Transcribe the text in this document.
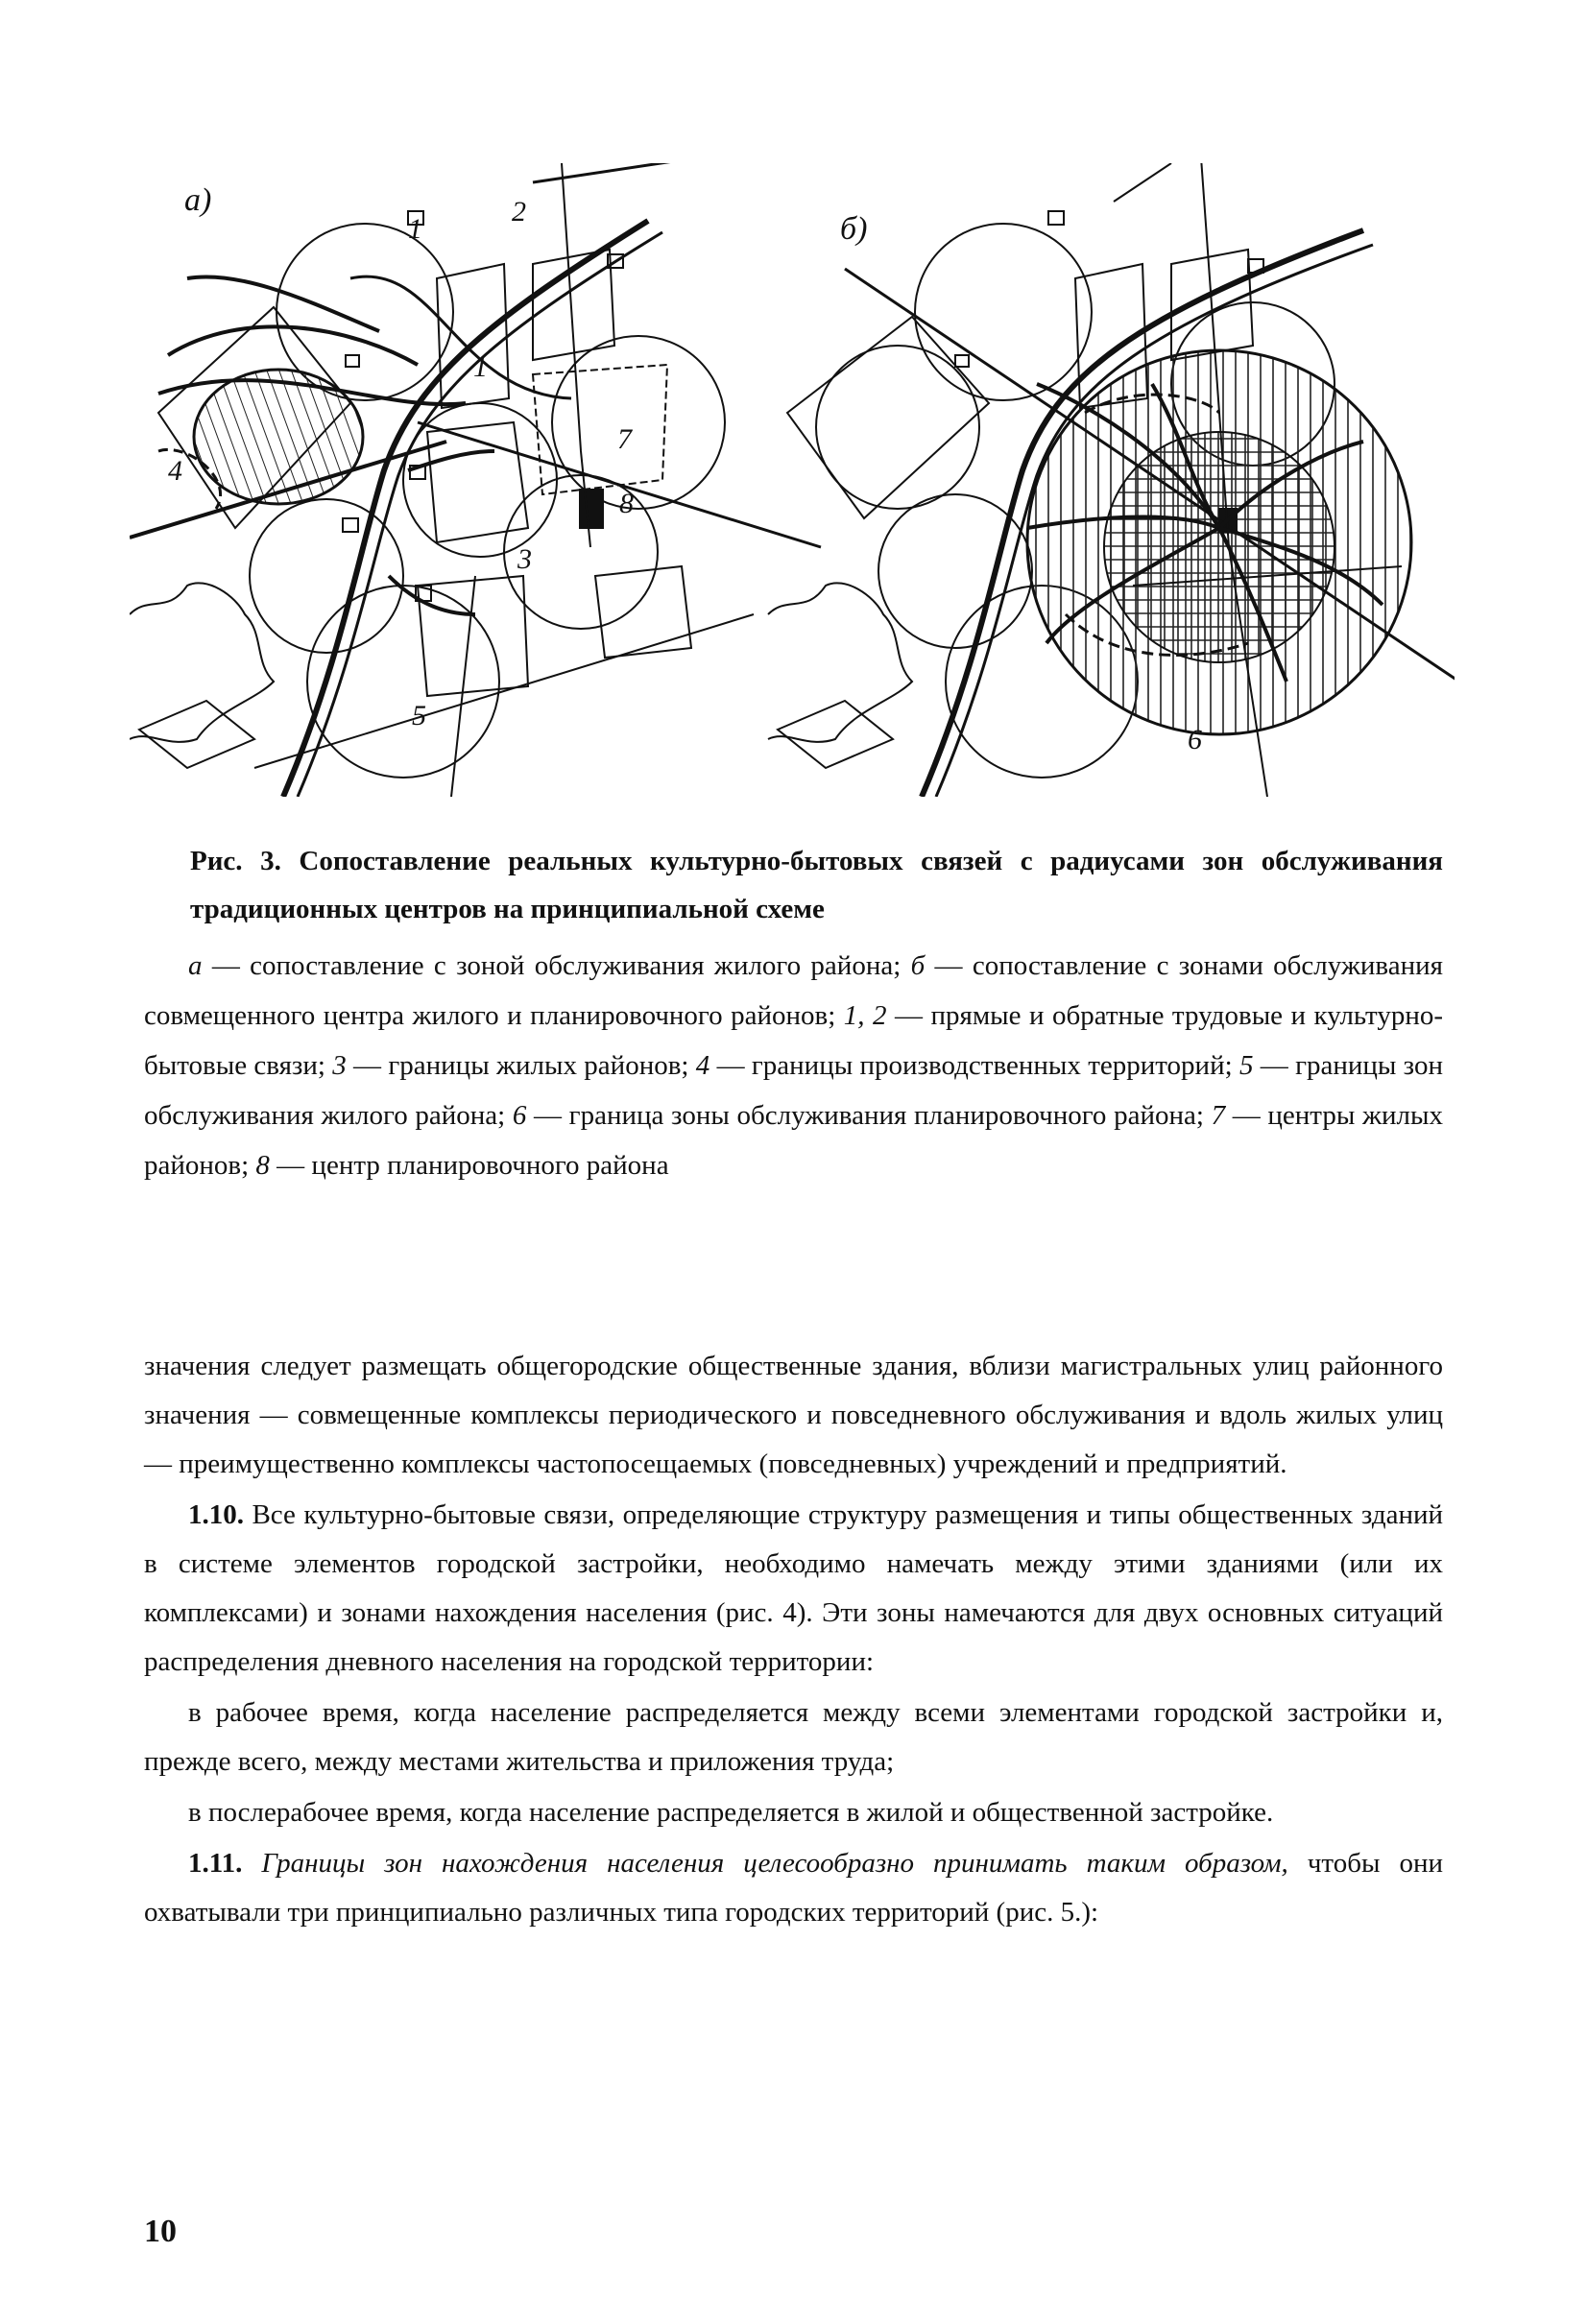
а)
б)
1
2
1
3
4
5
7
8
6
Рис. 3. Сопоставление реальных культурно-бытовых связей с радиусами зон обслуживания традиционных центров на принципиальной схеме
а — сопоставление с зоной обслуживания жилого района; б — сопоставление с зонами обслуживания совмещенного центра жилого и планировочного районов; 1, 2 — прямые и обратные трудовые и культурно-бытовые связи; 3 — границы жилых районов; 4 — границы производственных территорий; 5 — границы зон обслуживания жилого района; 6 — граница зоны обслуживания планировочного района; 7 — центры жилых районов; 8 — центр планировочного района

значения следует размещать общегородские общественные здания, вблизи магистральных улиц районного значения — совмещенные комплексы периодического и повседневного обслуживания и вдоль жилых улиц — преимущественно комплексы частопосещаемых (повседневных) учреждений и предприятий.

1.10. Все культурно-бытовые связи, определяющие структуру размещения и типы общественных зданий в системе элементов городской застройки, необходимо намечать между этими зданиями (или их комплексами) и зонами нахождения населения (рис. 4). Эти зоны намечаются для двух основных ситуаций распределения дневного населения на городской территории:

в рабочее время, когда население распределяется между всеми элементами городской застройки и, прежде всего, между местами жительства и приложения труда;

в послерабочее время, когда население распределяется в жилой и общественной застройке.

1.11. Границы зон нахождения населения целесообразно принимать таким образом, чтобы они охватывали три принципиально различных типа городских территорий (рис. 5.):

10
